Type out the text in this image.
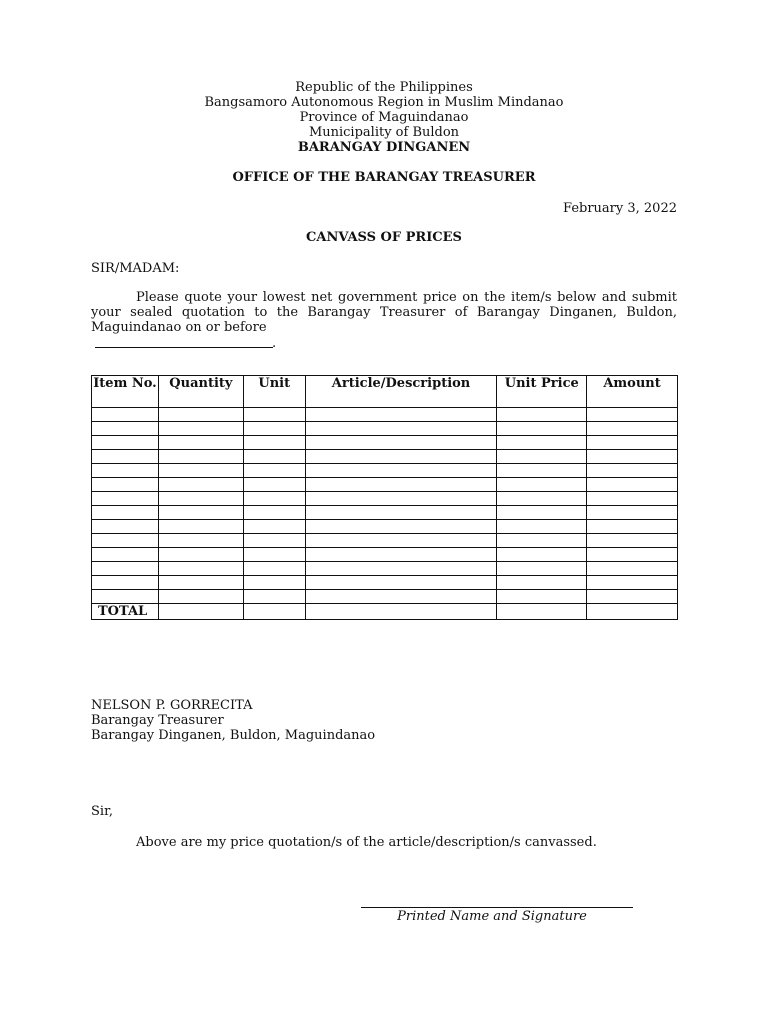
Republic of the Philippines
Bangsamoro Autonomous Region in Muslim Mindanao
Province of Maguindanao
Municipality of Buldon
BARANGAY DINGANEN
OFFICE OF THE BARANGAY TREASURER
February 3, 2022
CANVASS OF PRICES
SIR/MADAM:
Please quote your lowest net government price on the item/s below and submit your sealed quotation to the Barangay Treasurer of Barangay Dinganen, Buldon, Maguindanao on or before
.
Item No.	Quantity	Unit	Article/Description	Unit Price	Amount

TOTAL					
NELSON P. GORRECITA
Barangay Treasurer
Barangay Dinganen, Buldon, Maguindanao
Sir,
Above are my price quotation/s of the article/description/s canvassed.
Printed Name and Signature
